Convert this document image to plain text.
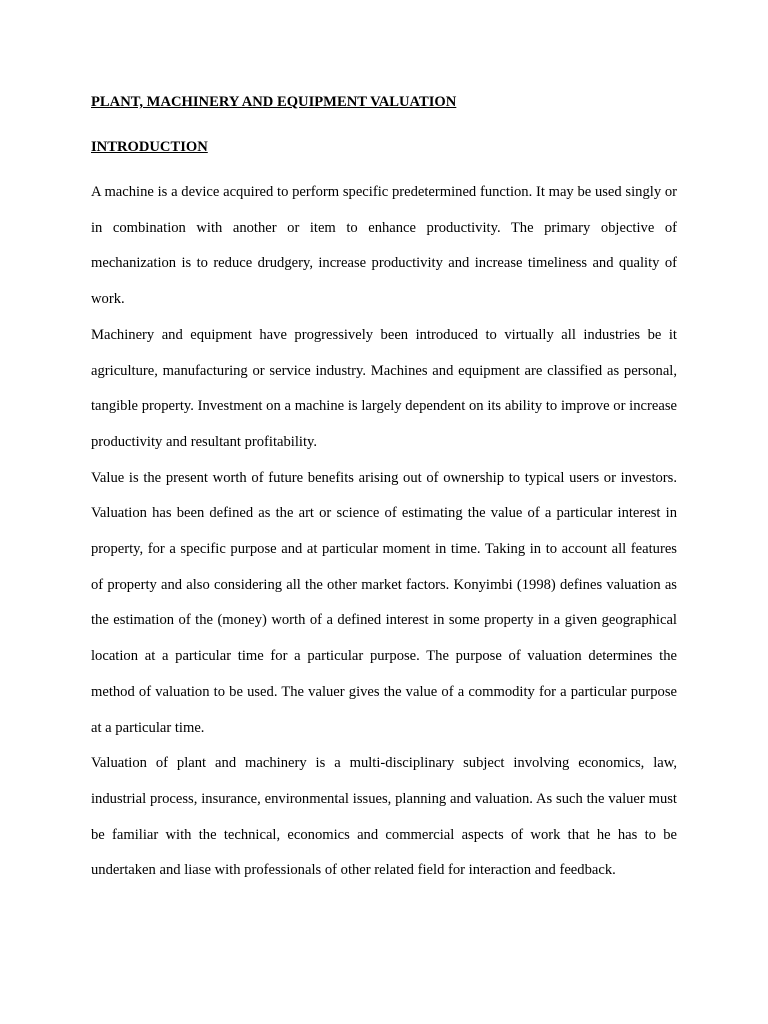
PLANT, MACHINERY AND EQUIPMENT VALUATION
INTRODUCTION

A machine is a device acquired to perform specific predetermined function. It may be used singly or in combination with another or item to enhance productivity. The primary objective of mechanization is to reduce drudgery, increase productivity and increase timeliness and quality of work.

Machinery and equipment have progressively been introduced to virtually all industries be it agriculture, manufacturing or service industry. Machines and equipment are classified as personal, tangible property. Investment on a machine is largely dependent on its ability to improve or increase productivity and resultant profitability.

Value is the present worth of future benefits arising out of ownership to typical users or investors. Valuation has been defined as the art or science of estimating the value of a particular interest in property, for a specific purpose and at particular moment in time. Taking in to account all features of property and also considering all the other market factors. Konyimbi (1998) defines valuation as the estimation of the (money) worth of a defined interest in some property in a given geographical location at a particular time for a particular purpose. The purpose of valuation determines the method of valuation to be used. The valuer gives the value of a commodity for a particular purpose at a particular time.

Valuation of plant and machinery is a multi-disciplinary subject involving economics, law, industrial process, insurance, environmental issues, planning and valuation. As such the valuer must be familiar with the technical, economics and commercial aspects of work that he has to be undertaken and liase with professionals of other related field for interaction and feedback.
